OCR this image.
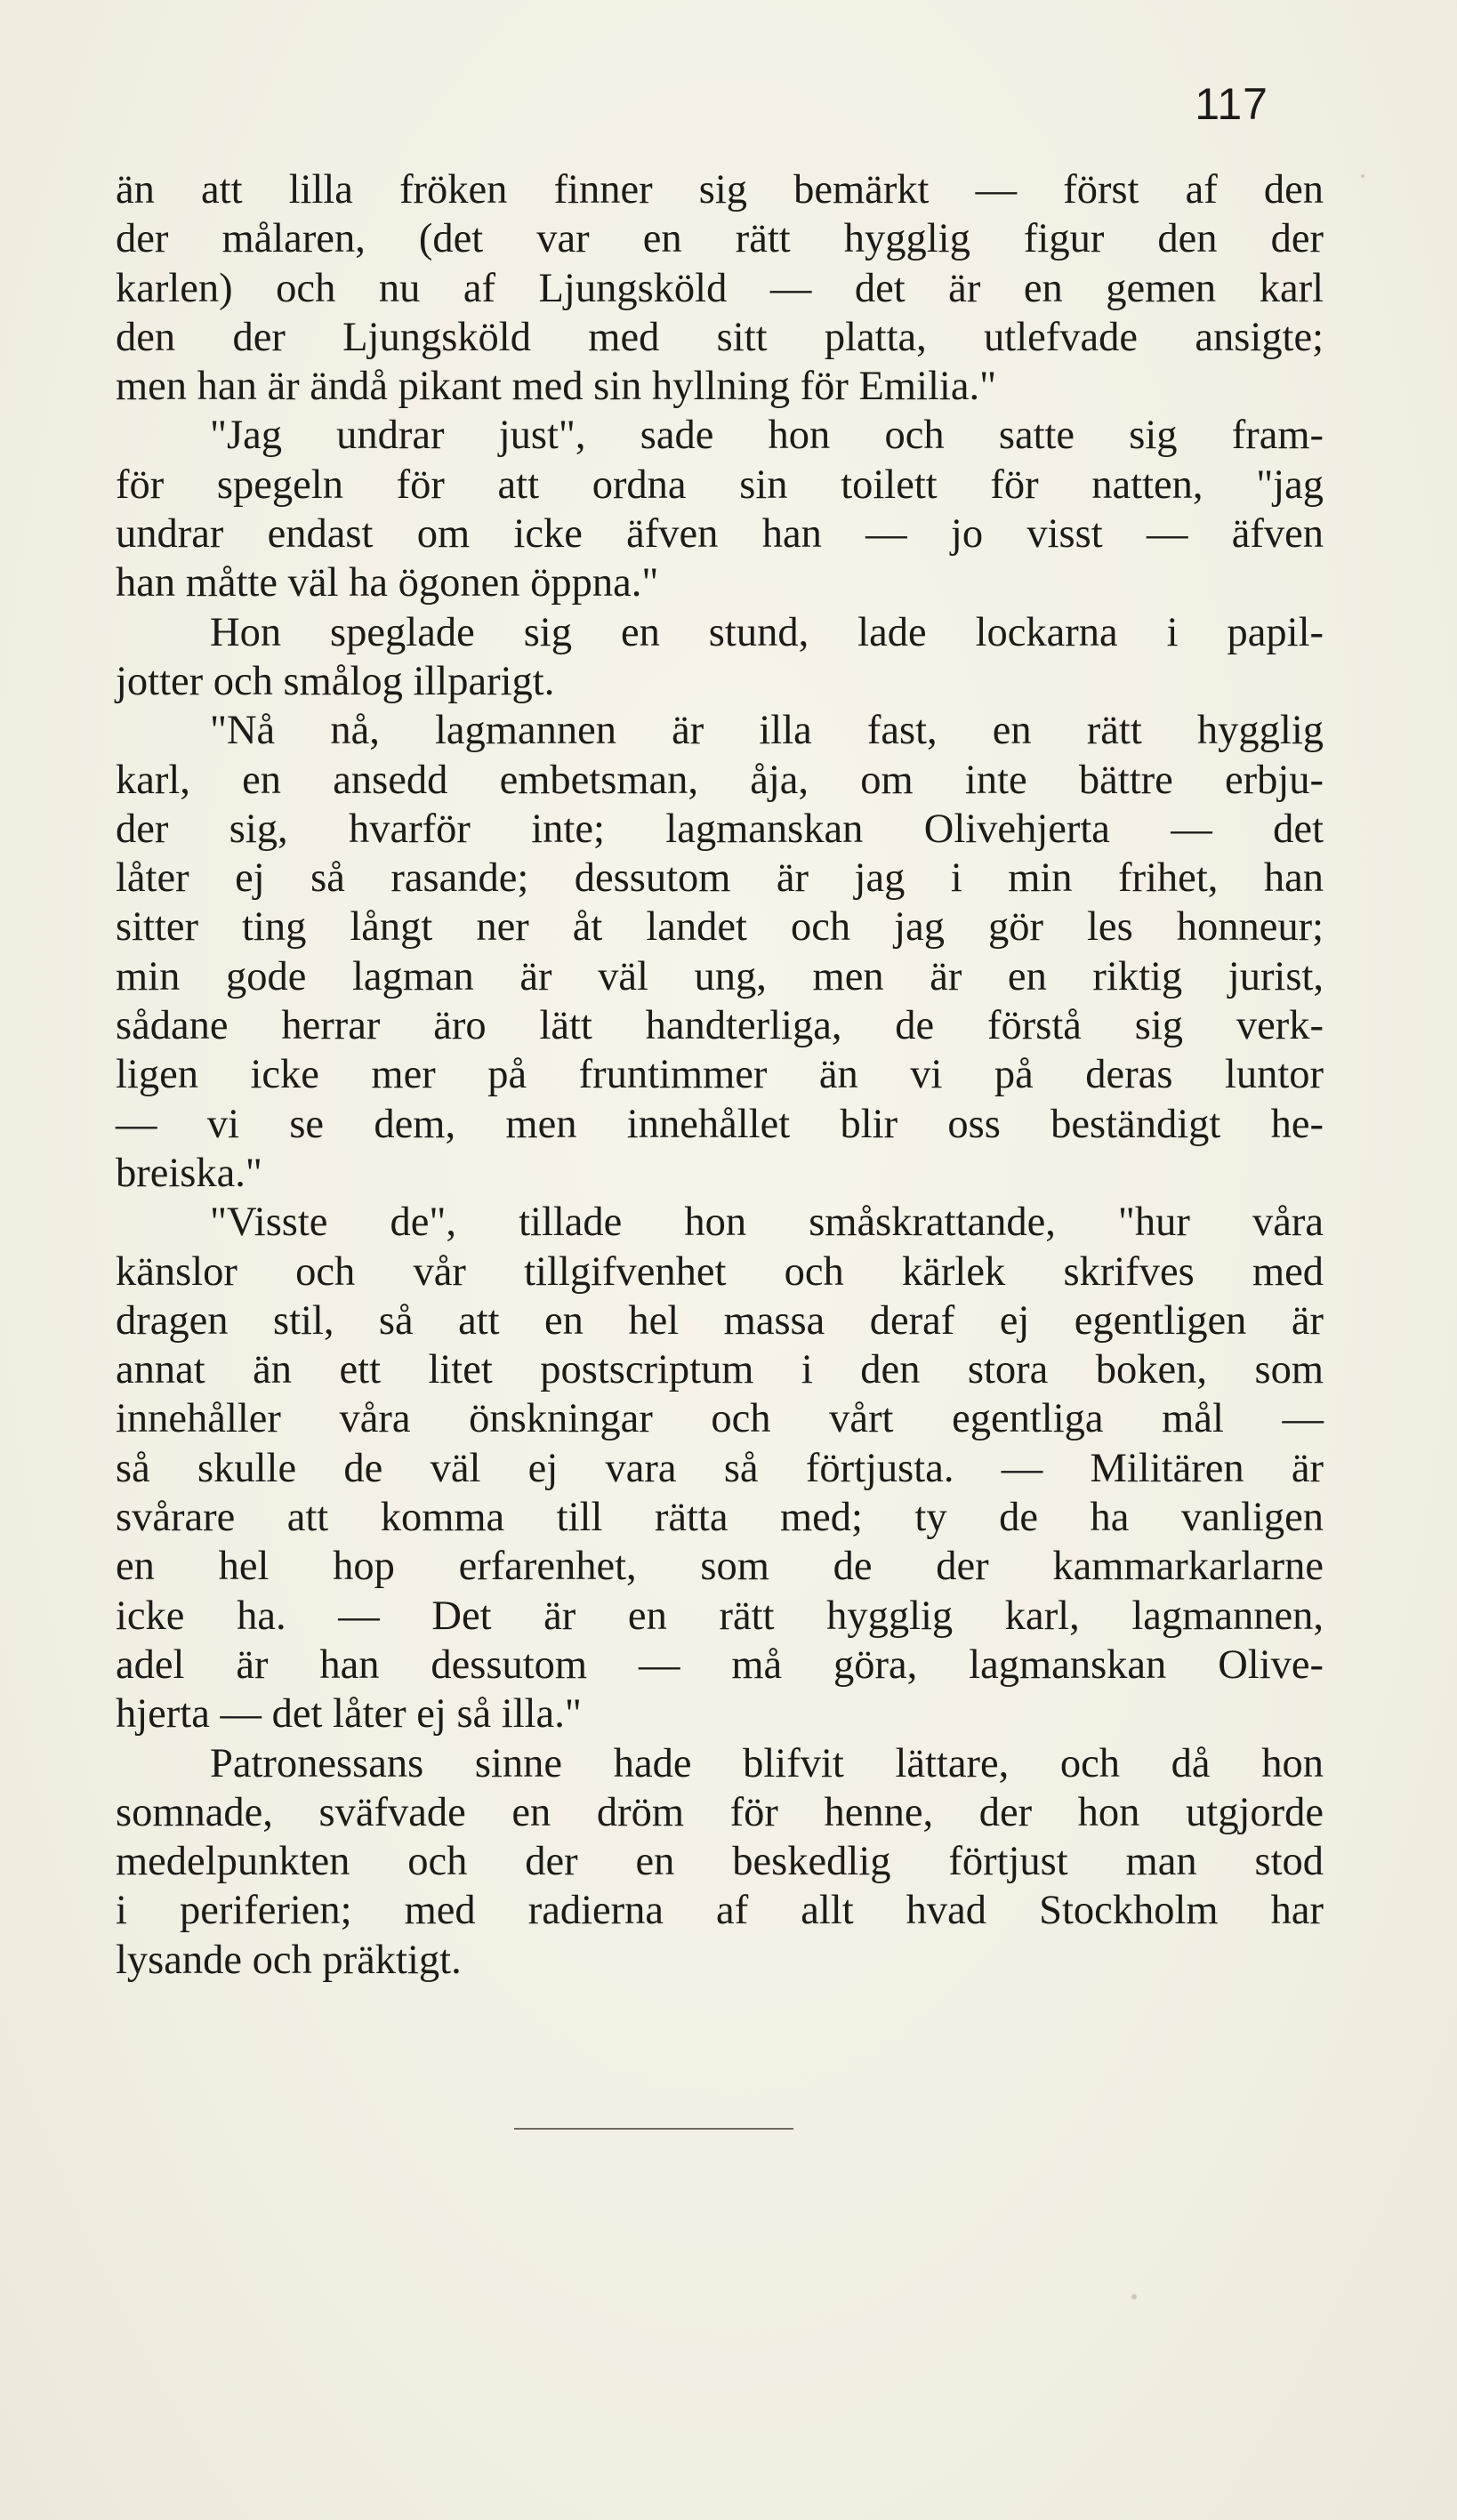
117
än att lilla fröken finner sig bemärkt — först af den
der målaren, (det var en rätt hygglig figur den der
karlen) och nu af Ljungsköld — det är en gemen karl
den der Ljungsköld med sitt platta, utlefvade ansigte;
men han är ändå pikant med sin hyllning för Emilia."
"Jag undrar just", sade hon och satte sig fram-
för spegeln för att ordna sin toilett för natten, "jag
undrar endast om icke äfven han — jo visst — äfven
han måtte väl ha ögonen öppna."
Hon speglade sig en stund, lade lockarna i papil-
jotter och smålog illparigt.
"Nå nå, lagmannen är illa fast, en rätt hygglig
karl, en ansedd embetsman, åja, om inte bättre erbju-
der sig, hvarför inte; lagmanskan Olivehjerta — det
låter ej så rasande; dessutom är jag i min frihet, han
sitter ting långt ner åt landet och jag gör les honneur;
min gode lagman är väl ung, men är en riktig jurist,
sådane herrar äro lätt handterliga, de förstå sig verk-
ligen icke mer på fruntimmer än vi på deras luntor
— vi se dem, men innehållet blir oss beständigt he-
breiska."
"Visste de", tillade hon småskrattande, "hur våra
känslor och vår tillgifvenhet och kärlek skrifves med
dragen stil, så att en hel massa deraf ej egentligen är
annat än ett litet postscriptum i den stora boken, som
innehåller våra önskningar och vårt egentliga mål —
så skulle de väl ej vara så förtjusta. — Militären är
svårare att komma till rätta med; ty de ha vanligen
en hel hop erfarenhet, som de der kammarkarlarne
icke ha. — Det är en rätt hygglig karl, lagmannen,
adel är han dessutom — må göra, lagmanskan Olive-
hjerta — det låter ej så illa."
Patronessans sinne hade blifvit lättare, och då hon
somnade, sväfvade en dröm för henne, der hon utgjorde
medelpunkten och der en beskedlig förtjust man stod
i periferien; med radierna af allt hvad Stockholm har
lysande och präktigt.
